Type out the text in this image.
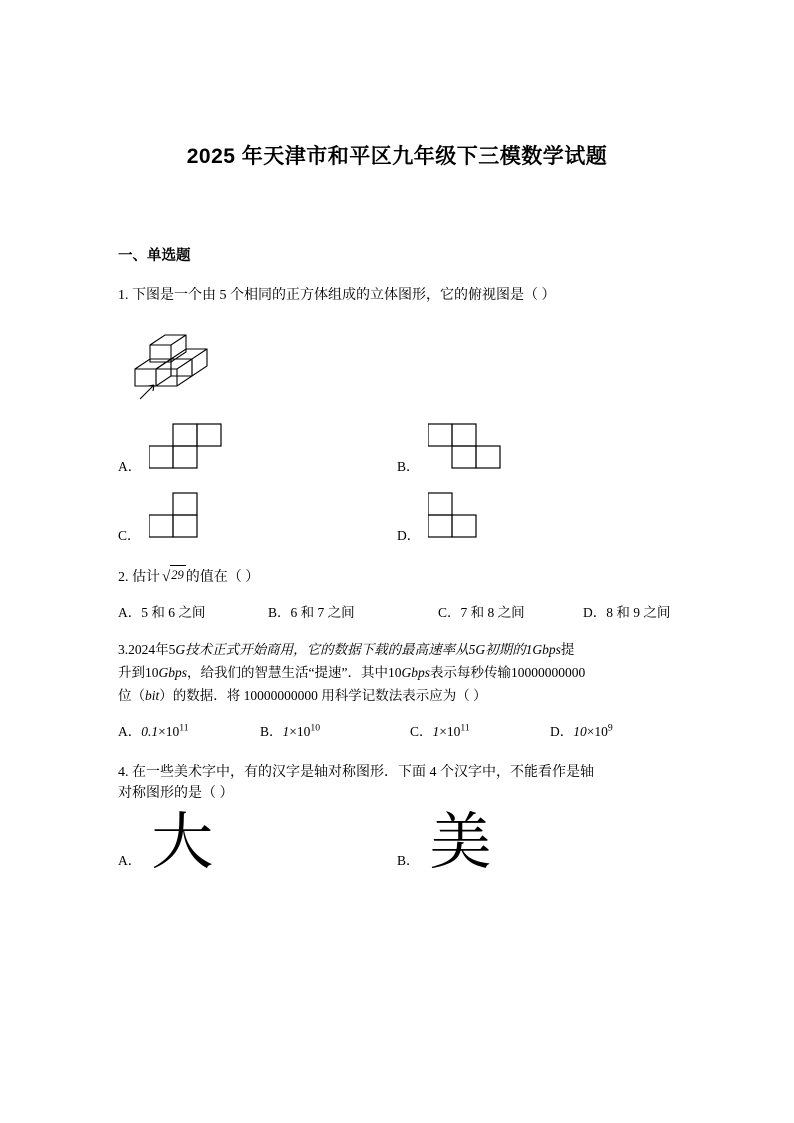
2025 年天津市和平区九年级下三模数学试题
一、单选题
1. 下图是一个由 5 个相同的正方体组成的立体图形，它的俯视图是（ ）
A．	B．
C．	D．
2. 估计 √29 的值在（ ）
A．5 和 6 之间	B．6 和 7 之间	C．7 和 8 之间	D．8 和 9 之间
3.2024年5G技术正式开始商用，它的数据下载的最高速率从5G初期的1Gbps提
升到10Gbps，给我们的智慧生活“提速”．其中10Gbps表示每秒传输10000000000
位（bit）的数据．将 10000000000 用科学记数法表示应为（ ）
A．$0.1\times 10^{11}$	B．$1\times 10^{10}$	C．$1\times 10^{11}$	D．$10\times 10^9$
4. 在一些美术字中，有的汉字是轴对称图形．下面 4 个汉字中，不能看作是轴
对称图形的是（ ）
A． 大	B． 美
